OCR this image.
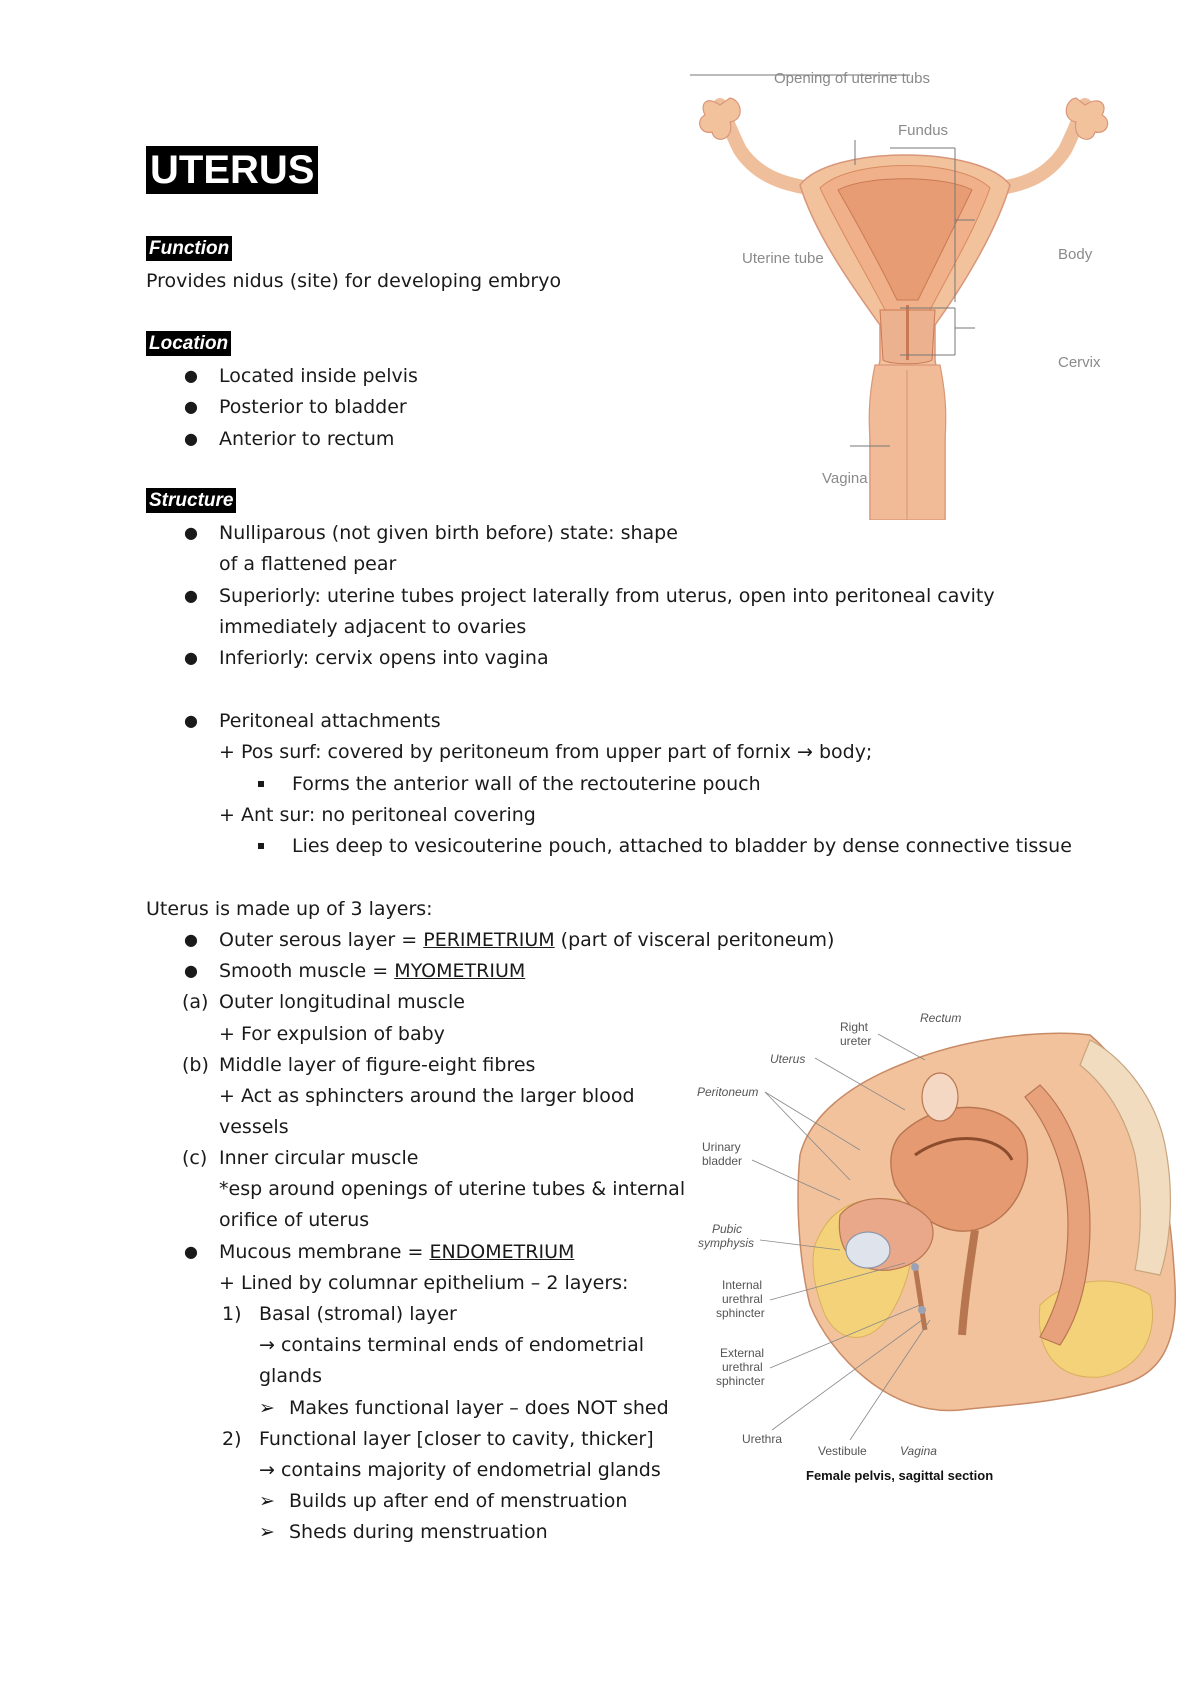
UTERUS
Function
Provides nidus (site) for developing embryo
Location
● Located inside pelvis
● Posterior to bladder
● Anterior to rectum
Structure
● Nulliparous (not given birth before) state: shape
of a flattened pear
● Superiorly: uterine tubes project laterally from uterus, open into peritoneal cavity
immediately adjacent to ovaries
● Inferiorly: cervix opens into vagina
● Peritoneal attachments
+ Pos surf: covered by peritoneum from upper part of fornix → body;
Forms the anterior wall of the rectouterine pouch
+ Ant sur: no peritoneal covering
Lies deep to vesicouterine pouch, attached to bladder by dense connective tissue
Uterus is made up of 3 layers:
● Outer serous layer = PERIMETRIUM (part of visceral peritoneum)
● Smooth muscle = MYOMETRIUM
(a) Outer longitudinal muscle
+ For expulsion of baby
(b) Middle layer of figure-eight fibres
+ Act as sphincters around the larger blood
vessels
(c) Inner circular muscle
*esp around openings of uterine tubes & internal
orifice of uterus
● Mucous membrane = ENDOMETRIUM
+ Lined by columnar epithelium – 2 layers:
1) Basal (stromal) layer
→ contains terminal ends of endometrial
glands
➢ Makes functional layer – does NOT shed
2) Functional layer [closer to cavity, thicker]
→ contains majority of endometrial glands
➢ Builds up after end of menstruation
➢ Sheds during menstruation
Opening of uterine tubs
Fundus
Uterine tube	Body
Cervix
Vagina
Right
ureter
Rectum
Uterus
Peritoneum
Urinary
bladder
Pubic
symphysis
Internal
urethral
sphincter
External
urethral
sphincter
Urethra
Vestibule	Vagina
Female pelvis, sagittal section
